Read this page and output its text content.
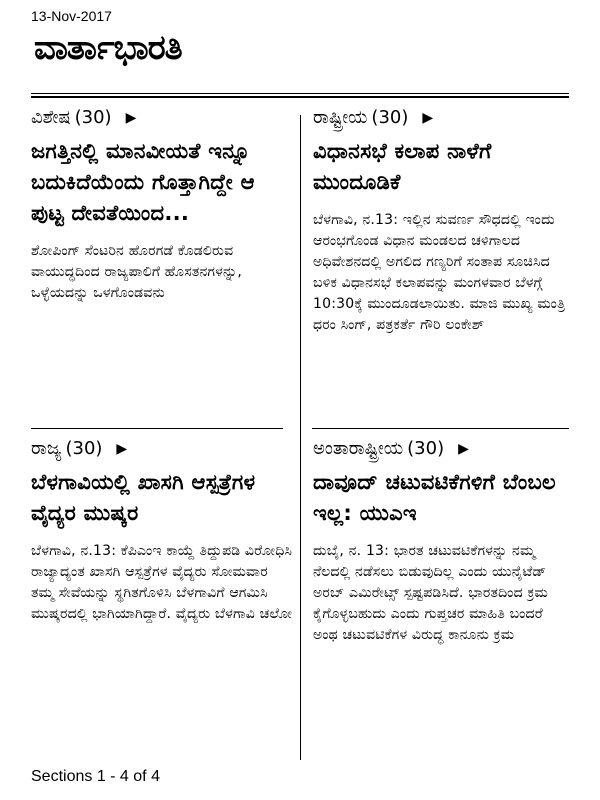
13-Nov-2017
ವಾರ್ತಾಭಾರತಿ
ವಿಶೇಷ (30) ▶
ಜಗತ್ತಿನಲ್ಲಿ ಮಾನವೀಯತೆ ಇನ್ನೂ ಬದುಕಿದೆಯೆಂದು ಗೊತ್ತಾಗಿದ್ದೇ ಆ ಪುಟ್ಟ ದೇವತೆಯಿಂದ...
ಶೋಪಿಂಗ್ ಸೆಂಟರಿನ ಹೊರಗಡೆ ಕೊಡಲಿರುವ ವಾಯುದ್ಧದಿಂದ ರಾಜ್ಯಪಾಲಿಗೆ ಹೊಸತನಗಳನ್ನು, ಒಳ್ಳೆಯದನ್ನು ಒಳಗೊಂಡವನು
ರಾಷ್ಟ್ರೀಯ (30) ▶
ವಿಧಾನಸಭೆ ಕಲಾಪ ನಾಳೆಗೆ ಮುಂದೂಡಿಕೆ
ಬೆಳಗಾವಿ, ನ.13: ಇಲ್ಲಿನ ಸುವರ್ಣ ಸೌಧದಲ್ಲಿ ಇಂದು ಆರಂಭಗೊಂಡ ವಿಧಾನ ಮಂಡಲದ ಚಳಿಗಾಲದ ಅಧಿವೇಶನದಲ್ಲಿ ಅಗಲಿದ ಗಣ್ಯರಿಗೆ ಸಂತಾಪ ಸೂಚಿಸಿದ ಬಳಿಕ ವಿಧಾನಸಭೆ ಕಲಾಪವನ್ನು ಮಂಗಳವಾರ ಬೆಳಗ್ಗೆ 10:30ಕ್ಕೆ ಮುಂದೂಡಲಾಯಿತು. ಮಾಜಿ ಮುಖ್ಯ ಮಂತ್ರಿ ಧರಂ ಸಿಂಗ್, ಪತ್ರಕರ್ತೆ ಗೌರಿ ಲಂಕೇಶ್
ರಾಜ್ಯ (30) ▶
ಬೆಳಗಾವಿಯಲ್ಲಿ ಖಾಸಗಿ ಆಸ್ಪತ್ರೆಗಳ ವೈದ್ಯರ ಮುಷ್ಕರ
ಬೆಳಗಾವಿ, ನ.13: ಕೆಪಿಎಂಇ ಕಾಯ್ದೆ ತಿದ್ದುಪಡಿ ವಿರೋಧಿಸಿ ರಾಜ್ಯಾದ್ಯಂತ ಖಾಸಗಿ ಆಸ್ಪತ್ರೆಗಳ ವೈದ್ಯರು ಸೋಮವಾರ ತಮ್ಮ ಸೇವೆಯನ್ನು ಸ್ಥಗಿತಗೊಳಿಸಿ ಬೆಳಗಾವಿಗೆ ಆಗಮಿಸಿ ಮುಷ್ಕರದಲ್ಲಿ ಭಾಗಿಯಾಗಿದ್ದಾರೆ. ವೈದ್ಯರು ಬೆಳಗಾವಿ ಚಲೋ
ಅಂತಾರಾಷ್ಟ್ರೀಯ (30) ▶
ದಾವೂದ್ ಚಟುವಟಿಕೆಗಳಿಗೆ ಬೆಂಬಲ ಇಲ್ಲ: ಯುಎಇ
ದುಬೈ, ನ. 13: ಭಾರತ ಚಟುವಟಿಕೆಗಳನ್ನು ನಮ್ಮ ನೆಲದಲ್ಲಿ ನಡೆಸಲು ಬಿಡುವುದಿಲ್ಲ ಎಂದು ಯುನೈಟೆಡ್ ಅರಬ್ ಎಮಿರೇಟ್ಸ್ ಸ್ಪಷ್ಟಪಡಿಸಿದೆ. ಭಾರತದಿಂದ ಕ್ರಮ ಕೈಗೊಳ್ಳಬಹುದು ಎಂದು ಗುಪ್ತಚರ ಮಾಹಿತಿ ಬಂದರೆ ಅಂಥ ಚಟುವಟಿಕೆಗಳ ವಿರುದ್ಧ ಕಾನೂನು ಕ್ರಮ
Sections 1 - 4 of 4
